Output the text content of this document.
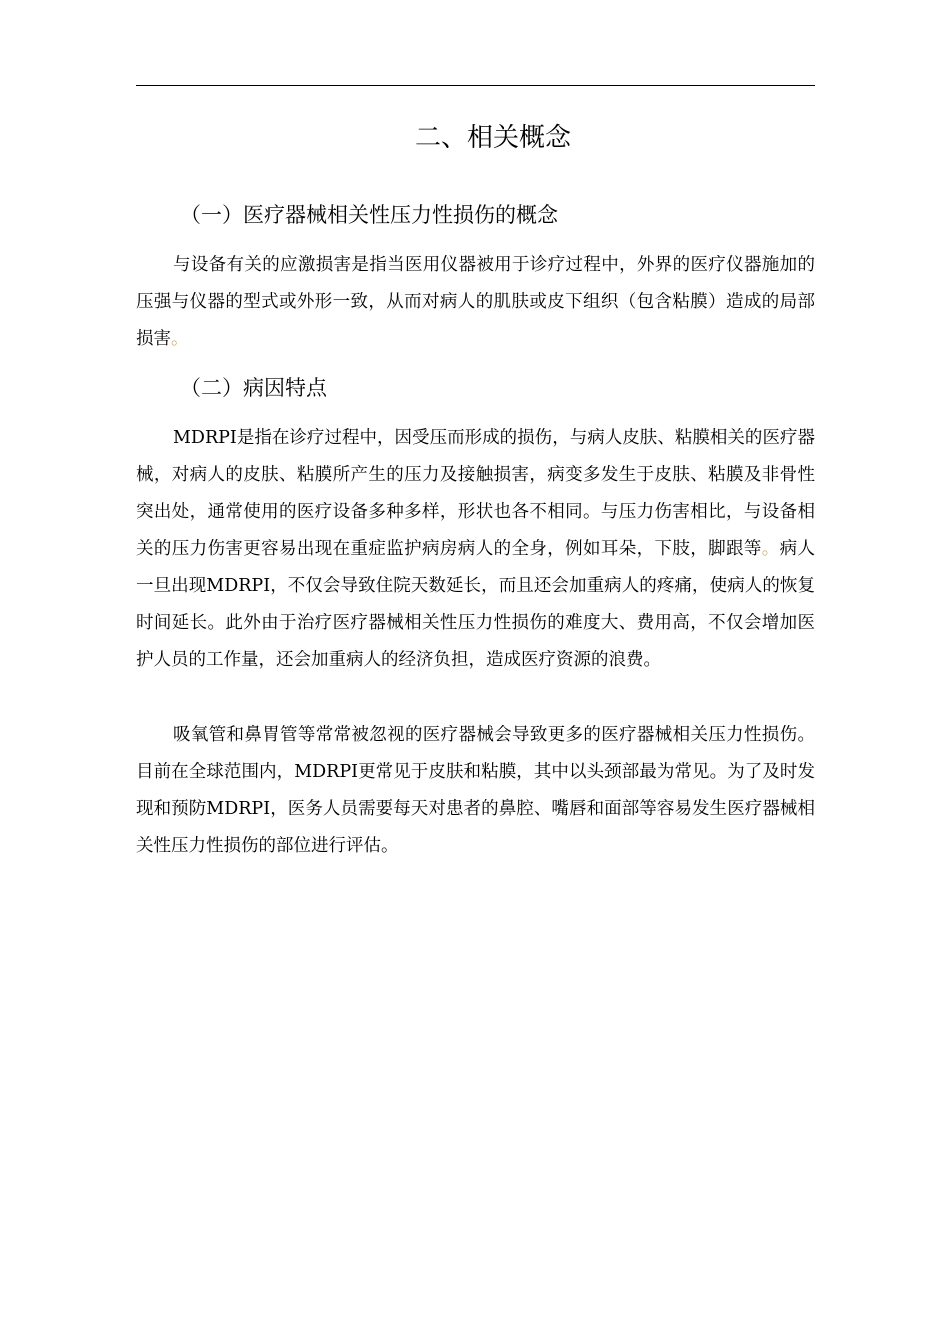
二、相关概念
（一）医疗器械相关性压力性损伤的概念

与设备有关的应激损害是指当医用仪器被用于诊疗过程中，外界的医疗仪器施加的压强与仪器的型式或外形一致，从而对病人的肌肤或皮下组织（包含粘膜）造成的局部损害。

（二）病因特点

MDRPI是指在诊疗过程中，因受压而形成的损伤，与病人皮肤、粘膜相关的医疗器械，对病人的皮肤、粘膜所产生的压力及接触损害，病变多发生于皮肤、粘膜及非骨性突出处，通常使用的医疗设备多种多样，形状也各不相同。与压力伤害相比，与设备相关的压力伤害更容易出现在重症监护病房病人的全身，例如耳朵，下肢，脚跟等。病人一旦出现MDRPI，不仅会导致住院天数延长，而且还会加重病人的疼痛，使病人的恢复时间延长。此外由于治疗医疗器械相关性压力性损伤的难度大、费用高，不仅会增加医护人员的工作量，还会加重病人的经济负担，造成医疗资源的浪费。

吸氧管和鼻胃管等常常被忽视的医疗器械会导致更多的医疗器械相关压力性损伤。目前在全球范围内，MDRPI更常见于皮肤和粘膜，其中以头颈部最为常见。为了及时发现和预防MDRPI，医务人员需要每天对患者的鼻腔、嘴唇和面部等容易发生医疗器械相关性压力性损伤的部位进行评估。
